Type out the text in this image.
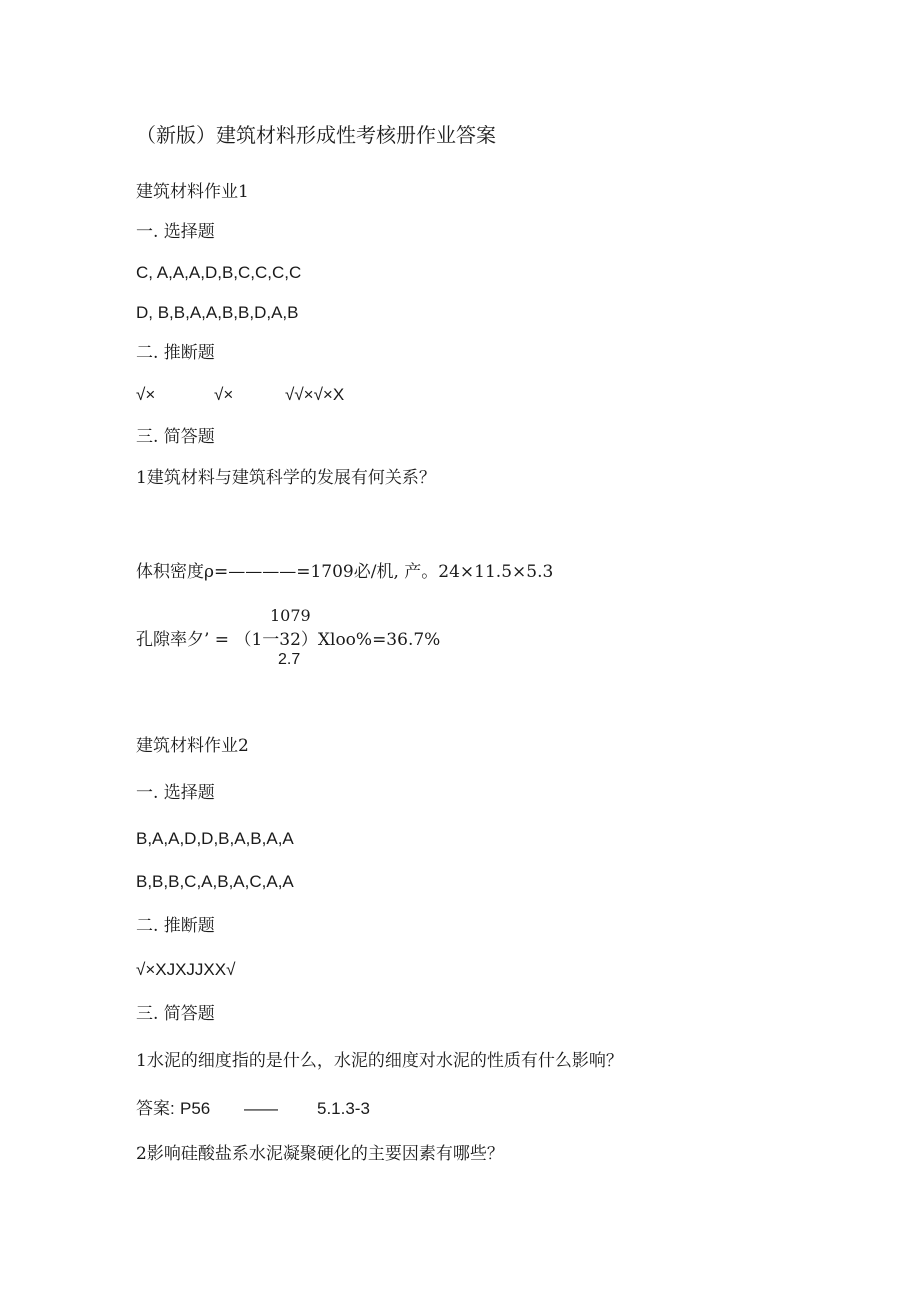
（新版）建筑材料形成性考核册作业答案
建筑材料作业1
一. 选择题
C, A,A,A,D,B,C,C,C,C
D, B,B,A,A,B,B,D,A,B
二. 推断题
√×	√×	√√×√×X
三. 简答题
1建筑材料与建筑科学的发展有何关系？
体积密度ρ=————=1709必/机, 产。24×11.5×5.3
1079
孔隙率夕’ = （1一32）Xloo%=36.7%
2.7
建筑材料作业2
一. 选择题
B,A,A,D,D,B,A,B,A,A
B,B,B,C,A,B,A,C,A,A
二. 推断题
√×XJXJJXX√
三. 简答题
1水泥的细度指的是什么，水泥的细度对水泥的性质有什么影响？
答案: P56 —— 5.1.3-3
2影响硅酸盐系水泥凝聚硬化的主要因素有哪些？
